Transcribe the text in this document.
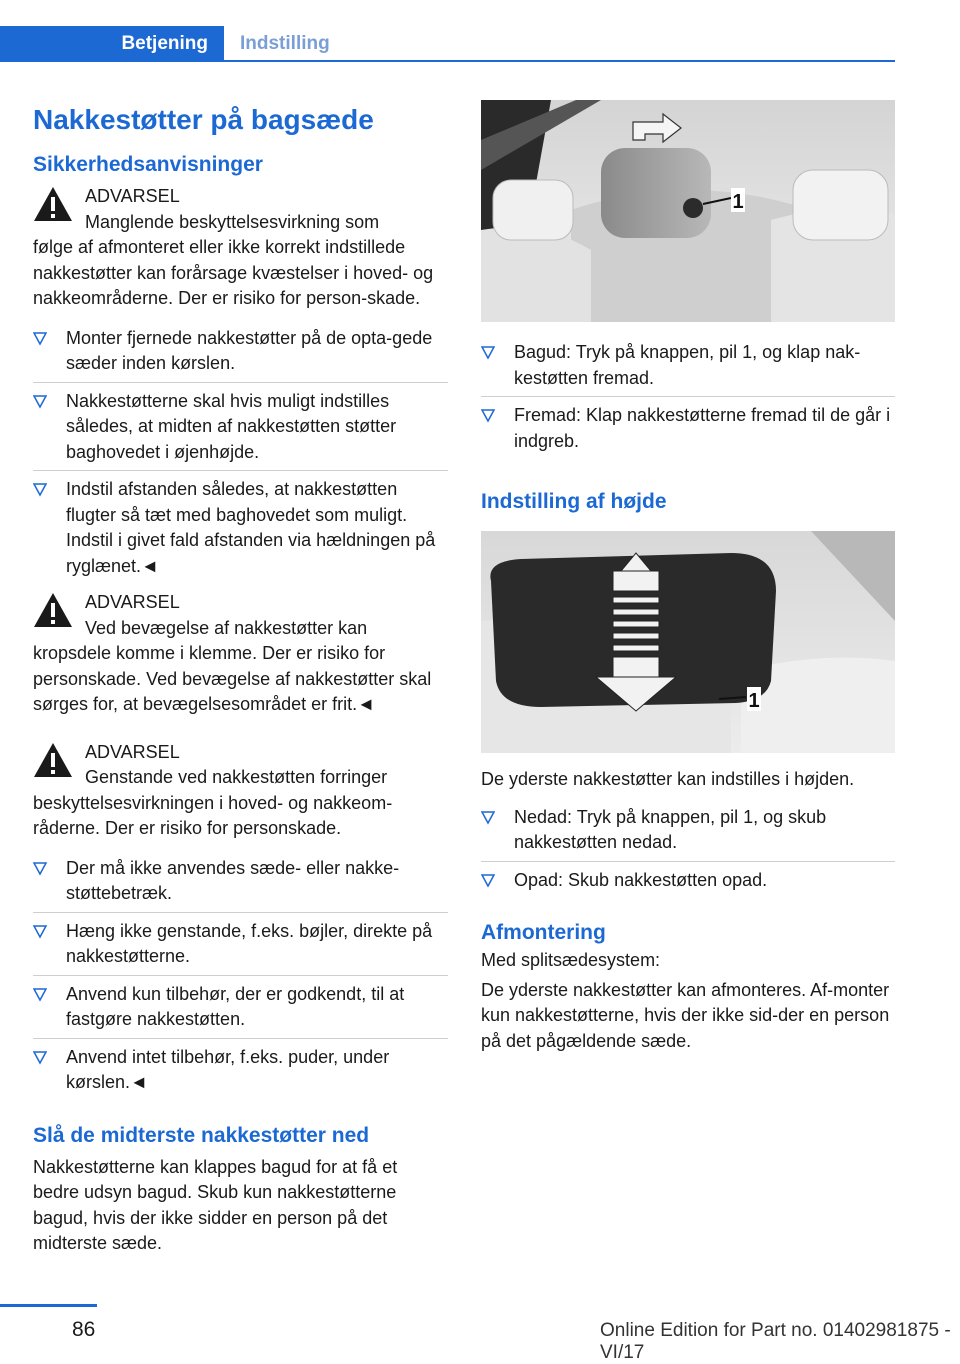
Betjening	Indstilling
Nakkestøtter på bagsæde
Sikkerhedsanvisninger
ADVARSEL
Manglende beskyttelsesvirkning som
følge af afmonteret eller ikke korrekt indstillede nakkestøtter kan forårsage kvæstelser i hoved- og nakkeområderne. Der er risiko for person-skade.
Monter fjernede nakkestøtter på de opta-gede sæder inden kørslen.
Nakkestøtterne skal hvis muligt indstilles således, at midten af nakkestøtten støtter baghovedet i øjenhøjde.
Indstil afstanden således, at nakkestøtten flugter så tæt med baghovedet som muligt. Indstil i givet fald afstanden via hældningen på ryglænet.◄
ADVARSEL
Ved bevægelse af nakkestøtter kan
kropsdele komme i klemme. Der er risiko for personskade. Ved bevægelse af nakkestøtter skal sørges for, at bevægelsesområdet er frit.◄
ADVARSEL
Genstande ved nakkestøtten forringer
beskyttelsesvirkningen i hoved- og nakkeom-råderne. Der er risiko for personskade.
Der må ikke anvendes sæde- eller nakke-støttebetræk.
Hæng ikke genstande, f.eks. bøjler, direkte på nakkestøtterne.
Anvend kun tilbehør, der er godkendt, til at fastgøre nakkestøtten.
Anvend intet tilbehør, f.eks. puder, under kørslen.◄
Slå de midterste nakkestøtter ned

Nakkestøtterne kan klappes bagud for at få et bedre udsyn bagud. Skub kun nakkestøtterne bagud, hvis der ikke sidder en person på det midterste sæde.

1
Bagud: Tryk på knappen, pil 1, og klap nak-kestøtten fremad.
Fremad: Klap nakkestøtterne fremad til de går i indgreb.
Indstilling af højde
1

De yderste nakkestøtter kan indstilles i højden.

Nedad: Tryk på knappen, pil 1, og skub nakkestøtten nedad.
Opad: Skub nakkestøtten opad.
Afmontering

Med splitsædesystem:

De yderste nakkestøtter kan afmonteres. Af-monter kun nakkestøtterne, hvis der ikke sid-der en person på det pågældende sæde.

86	Online Edition for Part no. 01402981875 - VI/17
